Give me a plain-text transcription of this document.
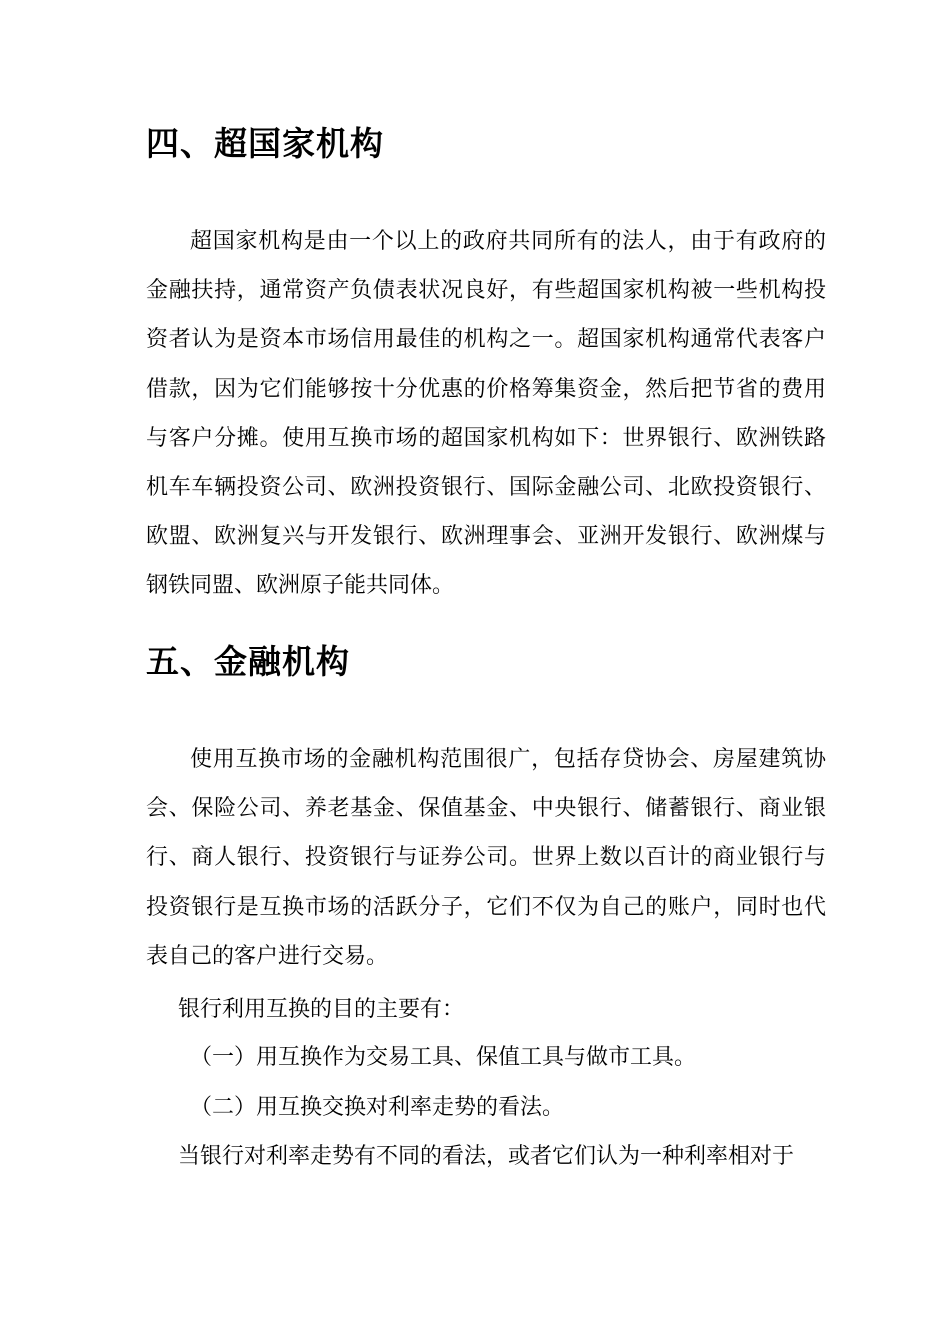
四、超国家机构

超国家机构是由一个以上的政府共同所有的法人，由于有政府的金融扶持，通常资产负债表状况良好，有些超国家机构被一些机构投资者认为是资本市场信用最佳的机构之一。超国家机构通常代表客户借款，因为它们能够按十分优惠的价格筹集资金，然后把节省的费用与客户分摊。使用互换市场的超国家机构如下：世界银行、欧洲铁路机车车辆投资公司、欧洲投资银行、国际金融公司、北欧投资银行、欧盟、欧洲复兴与开发银行、欧洲理事会、亚洲开发银行、欧洲煤与钢铁同盟、欧洲原子能共同体。

五、金融机构

使用互换市场的金融机构范围很广，包括存贷协会、房屋建筑协会、保险公司、养老基金、保值基金、中央银行、储蓄银行、商业银行、商人银行、投资银行与证券公司。世界上数以百计的商业银行与投资银行是互换市场的活跃分子，它们不仅为自己的账户，同时也代表自己的客户进行交易。

银行利用互换的目的主要有：

（一）用互换作为交易工具、保值工具与做市工具。

（二）用互换交换对利率走势的看法。

当银行对利率走势有不同的看法，或者它们认为一种利率相对于
